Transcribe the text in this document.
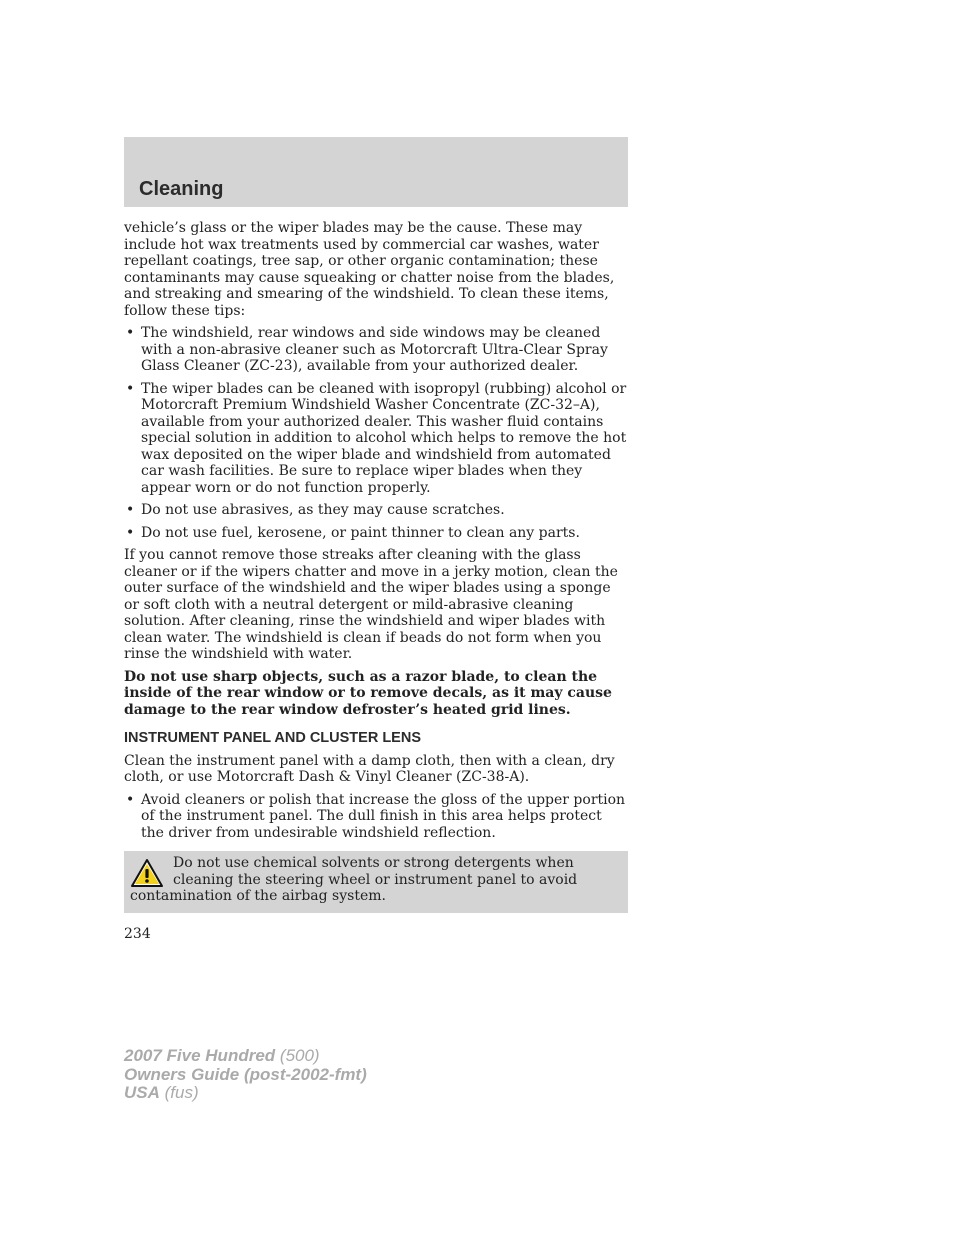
Cleaning

vehicle’s glass or the wiper blades may be the cause. These may include hot wax treatments used by commercial car washes, water repellant coatings, tree sap, or other organic contamination; these contaminants may cause squeaking or chatter noise from the blades, and streaking and smearing of the windshield. To clean these items, follow these tips:

• The windshield, rear windows and side windows may be cleaned with a non-abrasive cleaner such as Motorcraft Ultra-Clear Spray Glass Cleaner (ZC-23), available from your authorized dealer.
• The wiper blades can be cleaned with isopropyl (rubbing) alcohol or Motorcraft Premium Windshield Washer Concentrate (ZC-32–A), available from your authorized dealer. This washer fluid contains special solution in addition to alcohol which helps to remove the hot wax deposited on the wiper blade and windshield from automated car wash facilities. Be sure to replace wiper blades when they appear worn or do not function properly.
• Do not use abrasives, as they may cause scratches.
• Do not use fuel, kerosene, or paint thinner to clean any parts.

If you cannot remove those streaks after cleaning with the glass cleaner or if the wipers chatter and move in a jerky motion, clean the outer surface of the windshield and the wiper blades using a sponge or soft cloth with a neutral detergent or mild-abrasive cleaning solution. After cleaning, rinse the windshield and wiper blades with clean water. The windshield is clean if beads do not form when you rinse the windshield with water.

Do not use sharp objects, such as a razor blade, to clean the inside of the rear window or to remove decals, as it may cause damage to the rear window defroster’s heated grid lines.

INSTRUMENT PANEL AND CLUSTER LENS

Clean the instrument panel with a damp cloth, then with a clean, dry cloth, or use Motorcraft Dash & Vinyl Cleaner (ZC-38-A).

• Avoid cleaners or polish that increase the gloss of the upper portion of the instrument panel. The dull finish in this area helps protect the driver from undesirable windshield reflection.
Do not use chemical solvents or strong detergents when cleaning the steering wheel or instrument panel to avoid contamination of the airbag system.
234
2007 Five Hundred (500)
Owners Guide (post-2002-fmt)
USA (fus)
